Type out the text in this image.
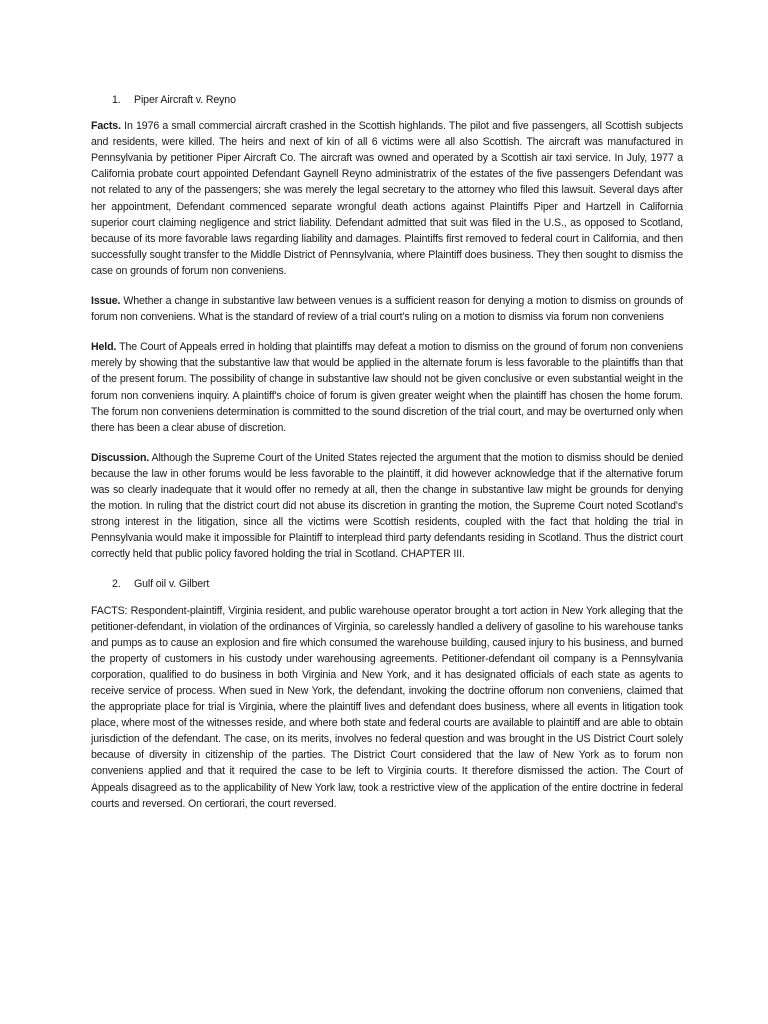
1. Piper Aircraft v. Reyno

Facts. In 1976 a small commercial aircraft crashed in the Scottish highlands. The pilot and five passengers, all Scottish subjects and residents, were killed. The heirs and next of kin of all 6 victims were all also Scottish. The aircraft was manufactured in Pennsylvania by petitioner Piper Aircraft Co. The aircraft was owned and operated by a Scottish air taxi service. In July, 1977 a California probate court appointed Defendant Gaynell Reyno administratrix of the estates of the five passengers Defendant was not related to any of the passengers; she was merely the legal secretary to the attorney who filed this lawsuit. Several days after her appointment, Defendant commenced separate wrongful death actions against Plaintiffs Piper and Hartzell in California superior court claiming negligence and strict liability. Defendant admitted that suit was filed in the U.S., as opposed to Scotland, because of its more favorable laws regarding liability and damages. Plaintiffs first removed to federal court in California, and then successfully sought transfer to the Middle District of Pennsylvania, where Plaintiff does business. They then sought to dismiss the case on grounds of forum non conveniens.

Issue. Whether a change in substantive law between venues is a sufficient reason for denying a motion to dismiss on grounds of forum non conveniens. What is the standard of review of a trial court's ruling on a motion to dismiss via forum non conveniens

Held. The Court of Appeals erred in holding that plaintiffs may defeat a motion to dismiss on the ground of forum non conveniens merely by showing that the substantive law that would be applied in the alternate forum is less favorable to the plaintiffs than that of the present forum. The possibility of change in substantive law should not be given conclusive or even substantial weight in the forum non conveniens inquiry. A plaintiff's choice of forum is given greater weight when the plaintiff has chosen the home forum. The forum non conveniens determination is committed to the sound discretion of the trial court, and may be overturned only when there has been a clear abuse of discretion.

Discussion. Although the Supreme Court of the United States rejected the argument that the motion to dismiss should be denied because the law in other forums would be less favorable to the plaintiff, it did however acknowledge that if the alternative forum was so clearly inadequate that it would offer no remedy at all, then the change in substantive law might be grounds for denying the motion. In ruling that the district court did not abuse its discretion in granting the motion, the Supreme Court noted Scotland's strong interest in the litigation, since all the victims were Scottish residents, coupled with the fact that holding the trial in Pennsylvania would make it impossible for Plaintiff to interplead third party defendants residing in Scotland. Thus the district court correctly held that public policy favored holding the trial in Scotland. CHAPTER III.

2. Gulf oil v. Gilbert

FACTS: Respondent-plaintiff, Virginia resident, and public warehouse operator brought a tort action in New York alleging that the petitioner-defendant, in violation of the ordinances of Virginia, so carelessly handled a delivery of gasoline to his warehouse tanks and pumps as to cause an explosion and fire which consumed the warehouse building, caused injury to his business, and burned the property of customers in his custody under warehousing agreements. Petitioner-defendant oil company is a Pennsylvania corporation, qualified to do business in both Virginia and New York, and it has designated officials of each state as agents to receive service of process. When sued in New York, the defendant, invoking the doctrine offorum non conveniens, claimed that the appropriate place for trial is Virginia, where the plaintiff lives and defendant does business, where all events in litigation took place, where most of the witnesses reside, and where both state and federal courts are available to plaintiff and are able to obtain jurisdiction of the defendant. The case, on its merits, involves no federal question and was brought in the US District Court solely because of diversity in citizenship of the parties. The District Court considered that the law of New York as to forum non conveniens applied and that it required the case to be left to Virginia courts. It therefore dismissed the action. The Court of Appeals disagreed as to the applicability of New York law, took a restrictive view of the application of the entire doctrine in federal courts and reversed. On certiorari, the court reversed.
